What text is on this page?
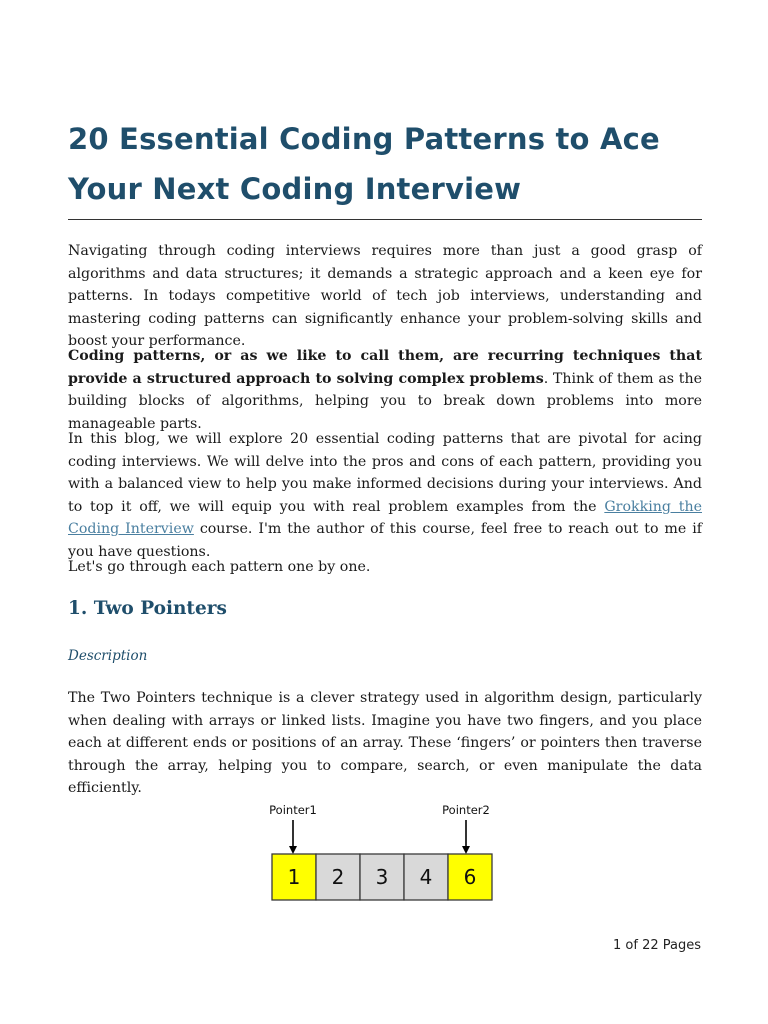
20 Essential Coding Patterns to Ace Your Next Coding Interview

Navigating through coding interviews requires more than just a good grasp of algorithms and data structures; it demands a strategic approach and a keen eye for patterns. In todays competitive world of tech job interviews, understanding and mastering coding patterns can significantly enhance your problem-solving skills and boost your performance.

Coding patterns, or as we like to call them, are recurring techniques that provide a structured approach to solving complex problems. Think of them as the building blocks of algorithms, helping you to break down problems into more manageable parts.

In this blog, we will explore 20 essential coding patterns that are pivotal for acing coding interviews. We will delve into the pros and cons of each pattern, providing you with a balanced view to help you make informed decisions during your interviews. And to top it off, we will equip you with real problem examples from the Grokking the Coding Interview course. I'm the author of this course, feel free to reach out to me if you have questions.

Let's go through each pattern one by one.

1. Two Pointers
Description

The Two Pointers technique is a clever strategy used in algorithm design, particularly when dealing with arrays or linked lists. Imagine you have two fingers, and you place each at different ends or positions of an array. These ‘fingers’ or pointers then traverse through the array, helping you to compare, search, or even manipulate the data efficiently.

Pointer1	Pointer2
1 2 3 4 6
1 of 22 Pages
